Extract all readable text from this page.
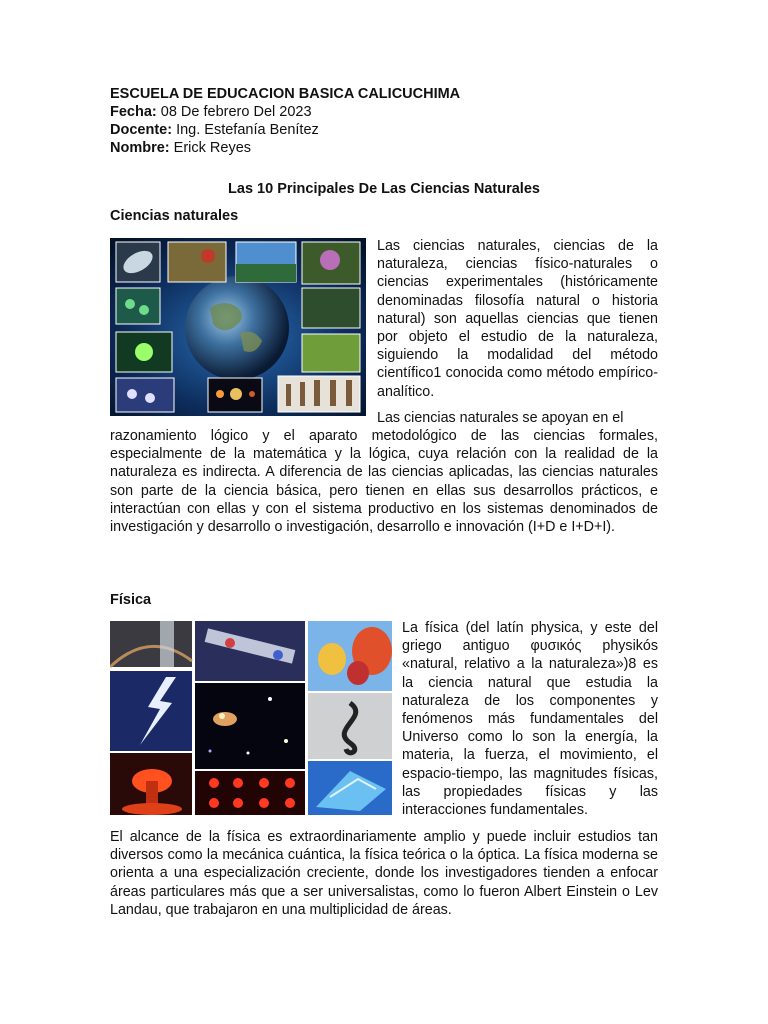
ESCUELA DE EDUCACION BASICA CALICUCHIMA
Fecha: 08 De febrero Del 2023
Docente: Ing. Estefanía Benítez
Nombre: Erick Reyes
Las 10 Principales De Las Ciencias Naturales
Ciencias naturales

Las ciencias naturales, ciencias de la naturaleza, ciencias físico-naturales o ciencias experimentales (históricamente denominadas filosofía natural o historia natural) son aquellas ciencias que tienen por objeto el estudio de la naturaleza, siguiendo la modalidad del método científico1 conocida como método empírico-analítico.

Las ciencias naturales se apoyan en el

razonamiento lógico y el aparato metodológico de las ciencias formales, especialmente de la matemática y la lógica, cuya relación con la realidad de la naturaleza es indirecta. A diferencia de las ciencias aplicadas, las ciencias naturales son parte de la ciencia básica, pero tienen en ellas sus desarrollos prácticos, e interactúan con ellas y con el sistema productivo en los sistemas denominados de investigación y desarrollo o investigación, desarrollo e innovación (I+D e I+D+I).

Física

La física (del latín physica, y este del griego antiguo φυσικός physikós «natural, relativo a la naturaleza»)8 es la ciencia natural que estudia la naturaleza de los componentes y fenómenos más fundamentales del Universo como lo son la energía, la materia, la fuerza, el movimiento, el espacio-tiempo, las magnitudes físicas, las propiedades físicas y las interacciones fundamentales.

El alcance de la física es extraordinariamente amplio y puede incluir estudios tan diversos como la mecánica cuántica, la física teórica o la óptica. La física moderna se orienta a una especialización creciente, donde los investigadores tienden a enfocar áreas particulares más que a ser universalistas, como lo fueron Albert Einstein o Lev Landau, que trabajaron en una multiplicidad de áreas.
